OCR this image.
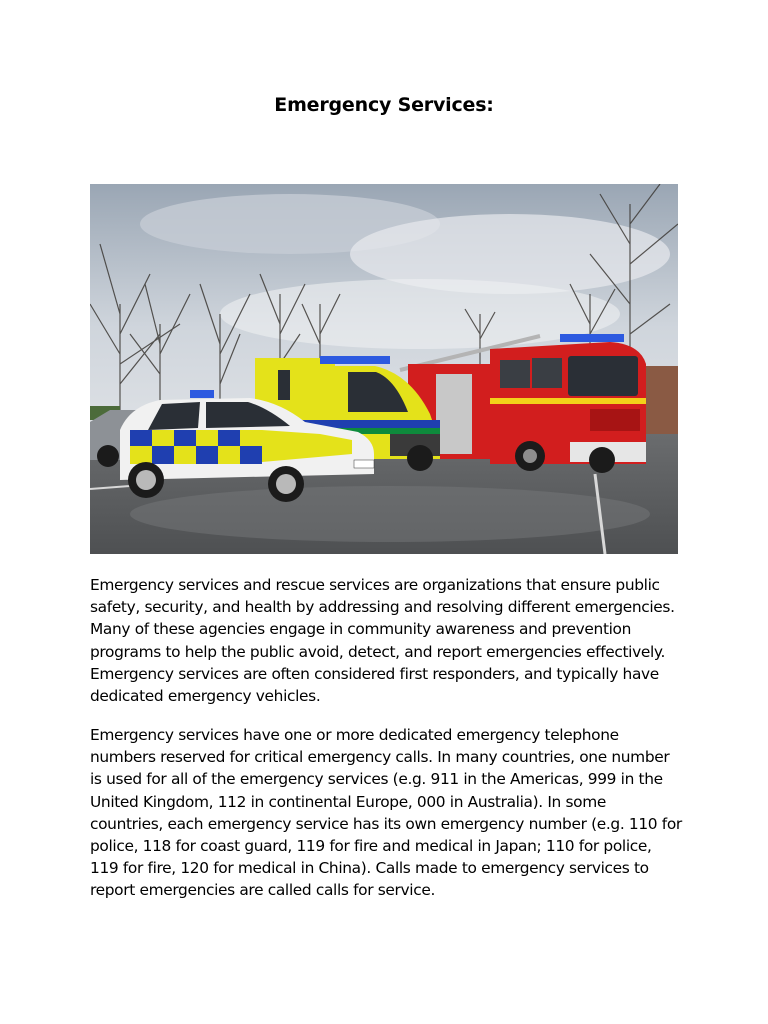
Emergency Services:

Emergency services and rescue services are organizations that ensure public safety, security, and health by addressing and resolving different emergencies. Many of these agencies engage in community awareness and prevention programs to help the public avoid, detect, and report emergencies effectively. Emergency services are often considered first responders, and typically have dedicated emergency vehicles.

Emergency services have one or more dedicated emergency telephone numbers reserved for critical emergency calls. In many countries, one number is used for all of the emergency services (e.g. 911 in the Americas, 999 in the United Kingdom, 112 in continental Europe, 000 in Australia). In some countries, each emergency service has its own emergency number (e.g. 110 for police, 118 for coast guard, 119 for fire and medical in Japan; 110 for police, 119 for fire, 120 for medical in China). Calls made to emergency services to report emergencies are called calls for service.
